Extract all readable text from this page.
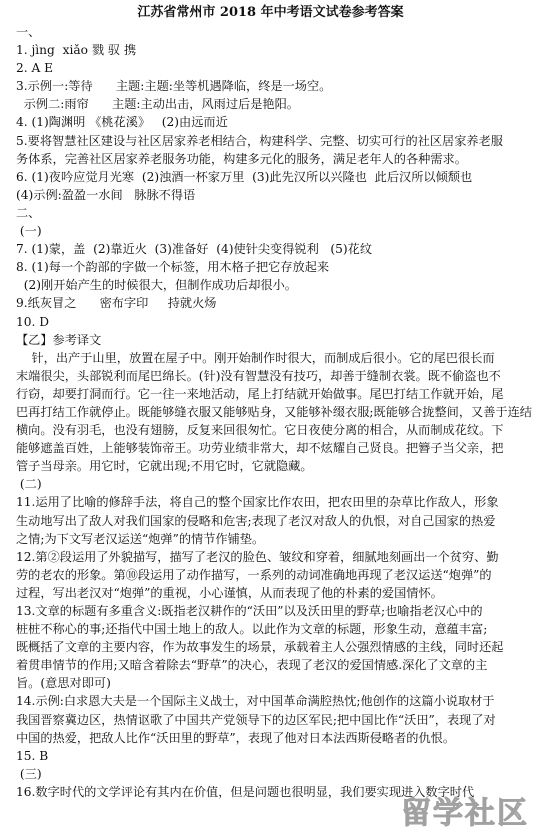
江苏省常州市 2018 年中考语文试卷参考答案
一、
1. jìng  xiǎo 戮 驭 携
2. A E
3.示例一:等待      主题:主题:坐等机遇降临，终是一场空。
示例二:雨帘      主题:主动出击，风雨过后是艳阳。
4. (1)陶渊明 《桃花溪》   (2)由远而近
5.要将智慧社区建设与社区居家养老相结合，构建科学、完整、切实可行的社区居家养老服
务体系，完善社区居家养老服务功能，构建多元化的服务，满足老年人的各种需求。
6. (1)夜吟应觉月光寒  (2)浊酒一杯家万里  (3)此先汉所以兴隆也  此后汉所以倾颓也
(4)示例:盈盈一水间   脉脉不得语
二、
(一)
7. (1)蒙，盖  (2)靠近火  (3)准备好  (4)使针尖变得锐利   (5)花纹
8. (1)每一个韵部的字做一个标签，用木格子把它存放起来
(2)刚开始产生的时候很大，但制作成功后却很小。
9.纸灰冒之      密布字印     持就火炀
10. D
【乙】参考译文
针，出产于山里，放置在屋子中。刚开始制作时很大，而制成后很小。它的尾巴很长而
末端很尖，头部锐利而尾巴绵长。(针)没有智慧没有技巧，却善于缝制衣裳。既不偷盗也不
行窃，却要打洞而行。它一往一来地活动，尾上打结就开始做事。尾巴打结工作就开始，尾
巴再打结工作就停止。既能够缝衣服又能够贴身，又能够补缀衣服;既能够合拢整间，又善于连结
横向。没有羽毛，也没有翅膀，反复来回很匆忙。它日夜使分离的相合，从而制成花纹。下
能够遮盖百姓，上能够装饰帝王。功劳业绩非常大，却不炫耀自己贤良。把簪子当父亲，把
管子当母亲。用它时，它就出现;不用它时，它就隐藏。
(二)
11.运用了比喻的修辞手法，将自己的整个国家比作农田，把农田里的杂草比作敌人，形象
生动地写出了敌人对我们国家的侵略和危害;表现了老汉对敌人的仇恨，对自己国家的热爱
之情;为下文写老汉运送“炮弹”的情节作铺垫。
12.第②段运用了外貌描写，描写了老汉的脸色、皱纹和穿着，细腻地刻画出一个贫穷、勤
劳的老农的形象。第⑩段运用了动作描写，一系列的动词准确地再现了老汉运送“炮弹”的
过程，写出老汉对“炮弹”的重视，小心谨慎，从而表现了他的朴素的爱国情怀。
13.文章的标题有多重含义:既指老汉耕作的“沃田”以及沃田里的野草;也喻指老汉心中的
桩桩不称心的事;还指代中国土地上的敌人。以此作为文章的标题，形象生动，意蕴丰富;
既概括了文章的主要内容，作为故事发生的场景，承载着主人公强烈情感的主线，同时还起
着贯串情节的作用;又暗含着除去“野草”的决心，表现了老汉的爱国情感.深化了文章的主
旨。(意思对即可)
14.示例:白求恩大夫是一个国际主义战士，对中国革命满腔热忱;他创作的这篇小说取材于
我国晋察冀边区，热情讴歌了中国共产党领导下的边区军民;把中国比作“沃田”，表现了对
中国的热爱，把敌人比作“沃田里的野草”，表现了他对日本法西斯侵略者的仇恨。
15. B
(三)
16.数字时代的文学评论有其内在价值，但是问题也很明显，我们要实现进入数字时代
留学社区
